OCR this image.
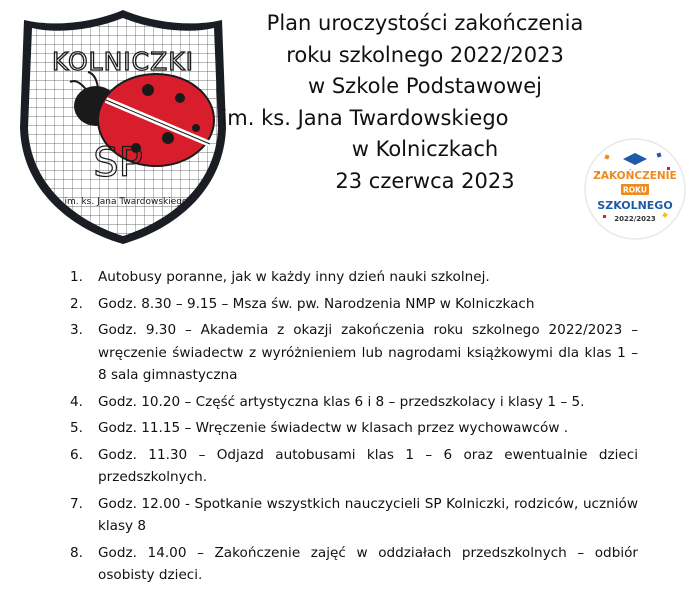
KOLNICZKI
SP
im. ks. Jana Twardowskiego
Plan uroczystości zakończenia
roku szkolnego 2022/2023
w Szkole Podstawowej
im. ks. Jana Twardowskiego
w Kolniczkach
23 czerwca 2023	ZAKOŃCZENIE
ROKU
SZKOLNEGO
2022/2023
1.	Autobusy poranne, jak w każdy inny dzień nauki szkolnej.
2.	Godz. 8.30 – 9.15 – Msza św. pw. Narodzenia NMP w Kolniczkach
3.	Godz. 9.30 – Akademia z okazji zakończenia roku szkolnego 2022/2023 – wręczenie świadectw z wyróżnieniem lub nagrodami książkowymi dla klas 1 – 8 sala gimnastyczna
4.	Godz. 10.20 – Część artystyczna klas 6 i 8 – przedszkolacy i klasy 1 – 5.
5.	Godz. 11.15 – Wręczenie świadectw w klasach przez wychowawców .
6.	Godz. 11.30 – Odjazd autobusami klas 1 – 6 oraz ewentualnie dzieci przedszkolnych.
7.	Godz. 12.00 - Spotkanie wszystkich nauczycieli SP Kolniczki, rodziców, uczniów klasy 8
8.	Godz. 14.00 – Zakończenie zajęć w oddziałach przedszkolnych – odbiór osobisty dzieci.
